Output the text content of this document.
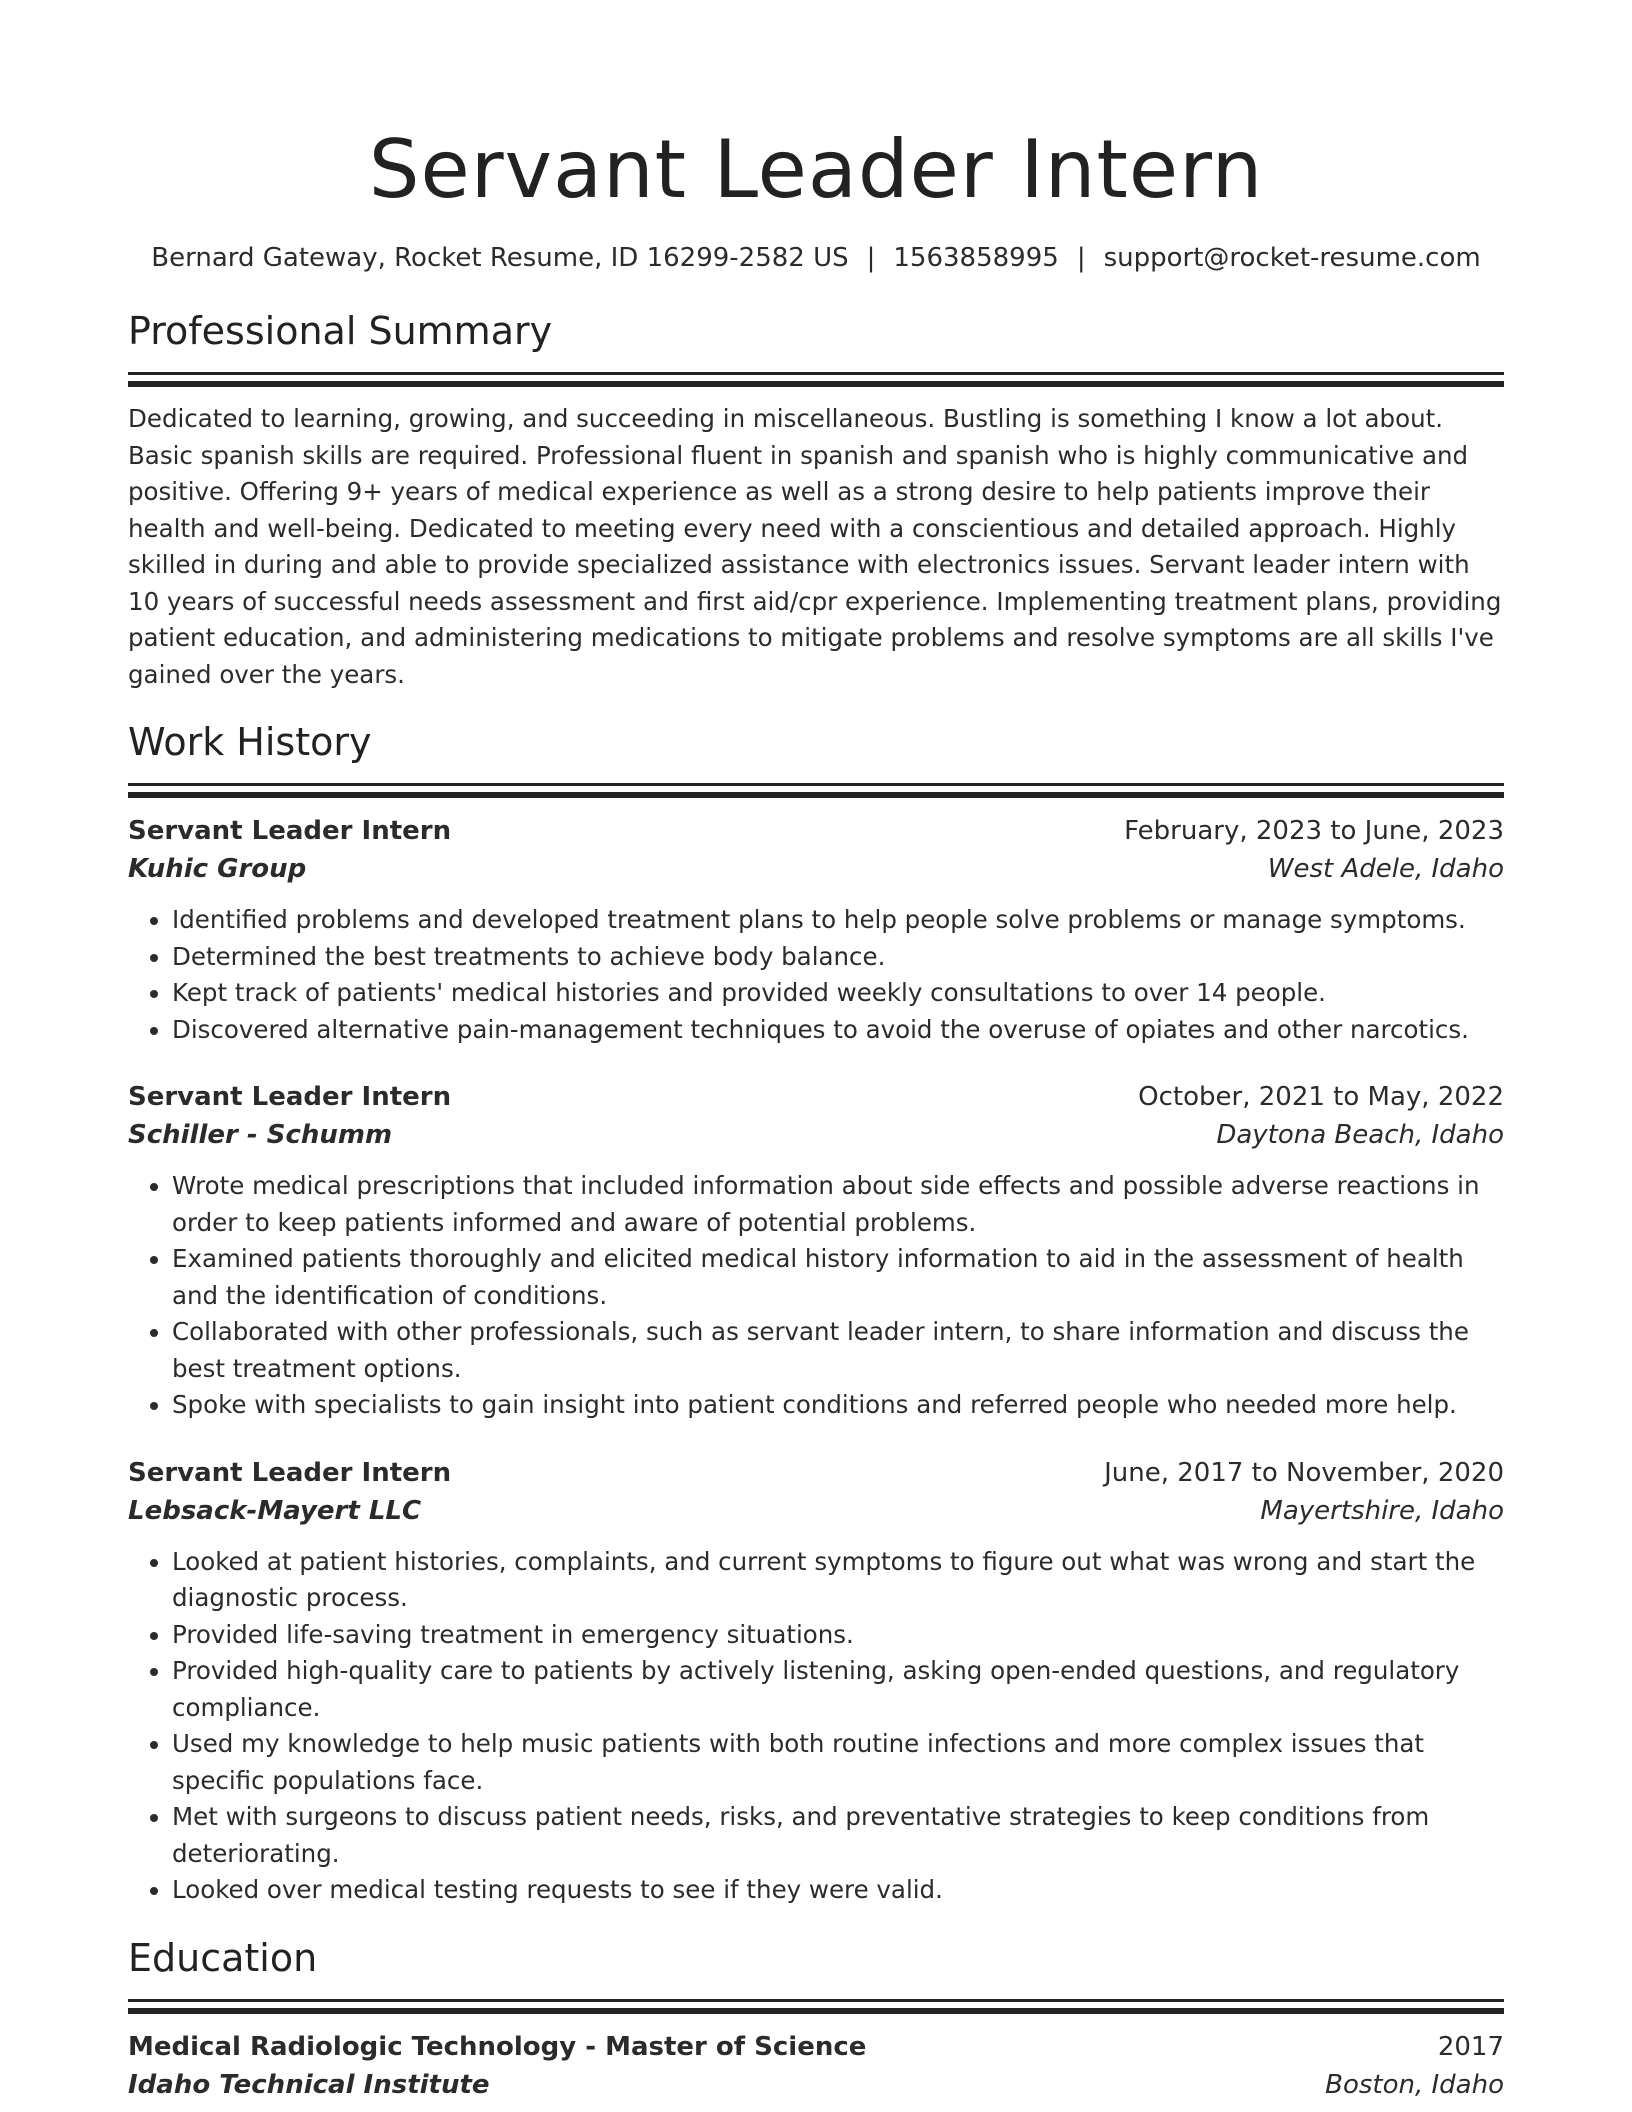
Servant Leader Intern
Bernard Gateway, Rocket Resume, ID 16299-2582 US | 1563858995 | support@rocket-resume.com
Professional Summary
Dedicated to learning, growing, and succeeding in miscellaneous. Bustling is something I know a lot about. Basic spanish skills are required. Professional fluent in spanish and spanish who is highly communicative and positive. Offering 9+ years of medical experience as well as a strong desire to help patients improve their health and well-being. Dedicated to meeting every need with a conscientious and detailed approach. Highly skilled in during and able to provide specialized assistance with electronics issues. Servant leader intern with 10 years of successful needs assessment and first aid/cpr experience. Implementing treatment plans, providing patient education, and administering medications to mitigate problems and resolve symptoms are all skills I've gained over the years.
Work History
Servant Leader Intern	February, 2023 to June, 2023
Kuhic Group	West Adele, Idaho
• Identified problems and developed treatment plans to help people solve problems or manage symptoms.
• Determined the best treatments to achieve body balance.
• Kept track of patients' medical histories and provided weekly consultations to over 14 people.
• Discovered alternative pain-management techniques to avoid the overuse of opiates and other narcotics.
Servant Leader Intern	October, 2021 to May, 2022
Schiller - Schumm	Daytona Beach, Idaho
• Wrote medical prescriptions that included information about side effects and possible adverse reactions in order to keep patients informed and aware of potential problems.
• Examined patients thoroughly and elicited medical history information to aid in the assessment of health and the identification of conditions.
• Collaborated with other professionals, such as servant leader intern, to share information and discuss the best treatment options.
• Spoke with specialists to gain insight into patient conditions and referred people who needed more help.
Servant Leader Intern	June, 2017 to November, 2020
Lebsack-Mayert LLC	Mayertshire, Idaho
• Looked at patient histories, complaints, and current symptoms to figure out what was wrong and start the diagnostic process.
• Provided life-saving treatment in emergency situations.
• Provided high-quality care to patients by actively listening, asking open-ended questions, and regulatory compliance.
• Used my knowledge to help music patients with both routine infections and more complex issues that specific populations face.
• Met with surgeons to discuss patient needs, risks, and preventative strategies to keep conditions from deteriorating.
• Looked over medical testing requests to see if they were valid.
Education
Medical Radiologic Technology - Master of Science	2017
Idaho Technical Institute	Boston, Idaho
